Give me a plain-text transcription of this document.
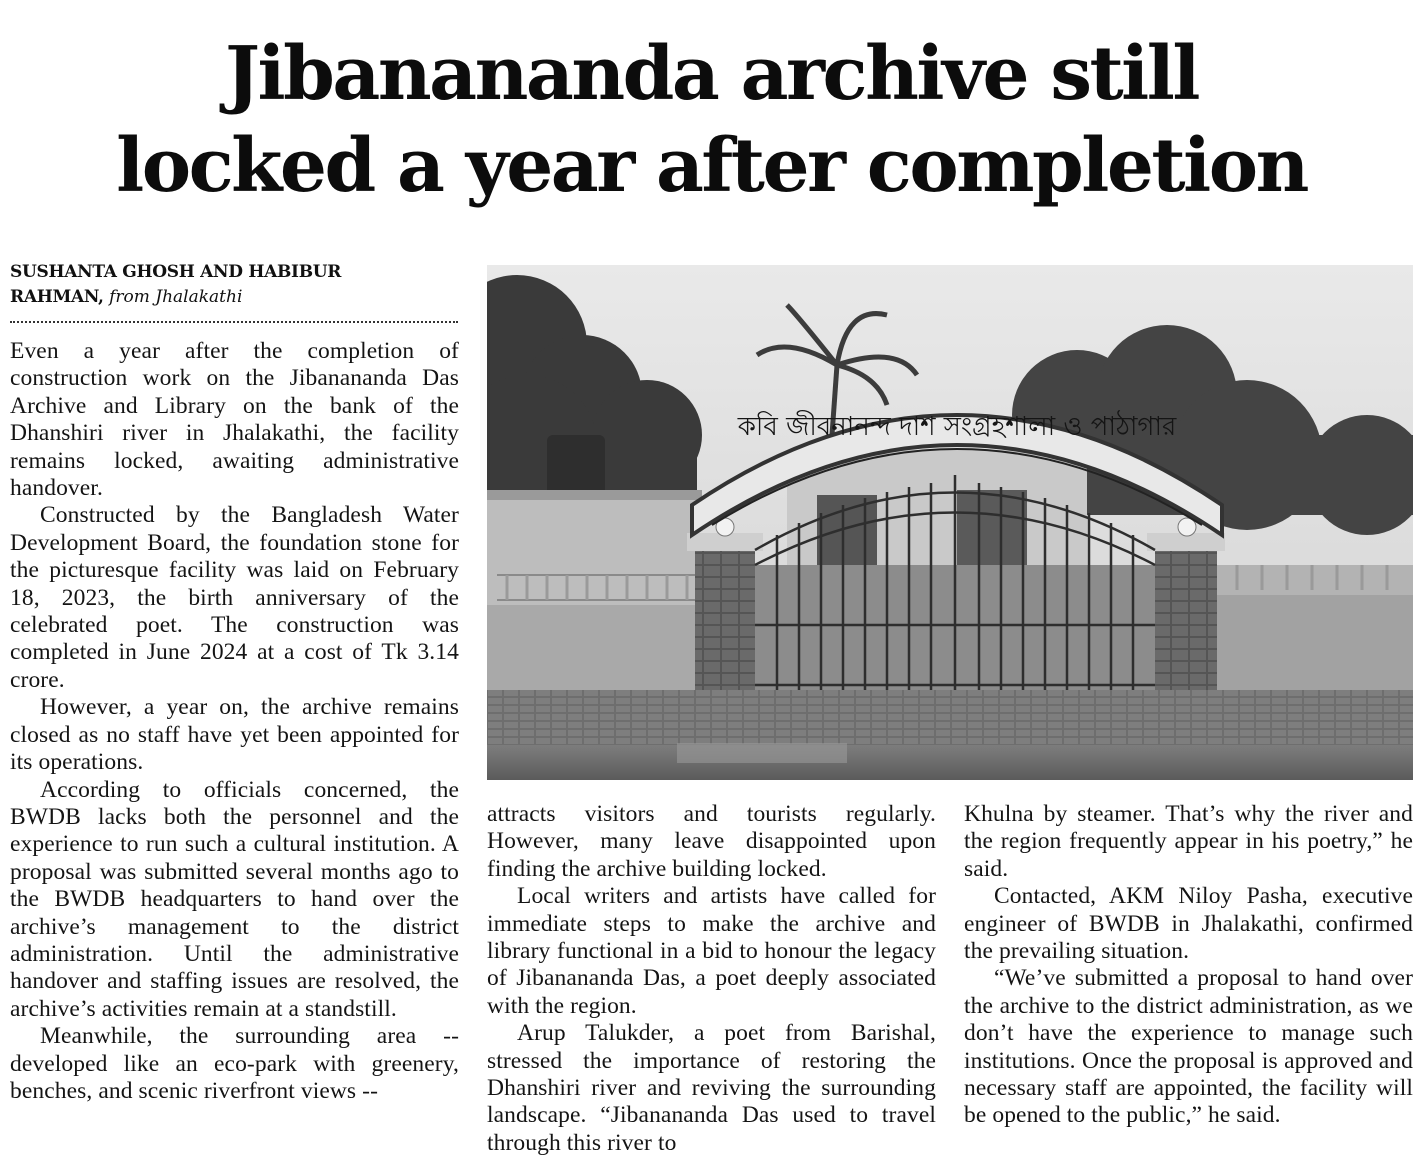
Jibanananda archive still
locked a year after completion
SUSHANTA GHOSH AND HABIBUR
RAHMAN, from Jhalakathi
কবি জীবনানন্দ দাশ সংগ্রহশালা ও পাঠাগার

Even a year after the completion of construction work on the Jibanananda Das Archive and Library on the bank of the Dhanshiri river in Jhalakathi, the facility remains locked, awaiting administrative handover.

Constructed by the Bangladesh Water Development Board, the foundation stone for the picturesque facility was laid on February 18, 2023, the birth anniversary of the celebrated poet. The construction was completed in June 2024 at a cost of Tk 3.14 crore.

However, a year on, the archive remains closed as no staff have yet been appointed for its operations.

According to officials concerned, the BWDB lacks both the personnel and the experience to run such a cultural institution. A proposal was submitted several months ago to the BWDB headquarters to hand over the archive’s management to the district administration. Until the administrative handover and staffing issues are resolved, the archive’s activities remain at a standstill.

Meanwhile, the surrounding area -- developed like an eco-park with greenery, benches, and scenic riverfront views --

attracts visitors and tourists regularly. However, many leave disappointed upon finding the archive building locked.

Local writers and artists have called for immediate steps to make the archive and library functional in a bid to honour the legacy of Jibanananda Das, a poet deeply associated with the region.

Arup Talukder, a poet from Barishal, stressed the importance of restoring the Dhanshiri river and reviving the surrounding landscape. “Jibanananda Das used to travel through this river to

Khulna by steamer. That’s why the river and the region frequently appear in his poetry,” he said.

Contacted, AKM Niloy Pasha, executive engineer of BWDB in Jhalakathi, confirmed the prevailing situation.

“We’ve submitted a proposal to hand over the archive to the district administration, as we don’t have the experience to manage such institutions. Once the proposal is approved and necessary staff are appointed, the facility will be opened to the public,” he said.
